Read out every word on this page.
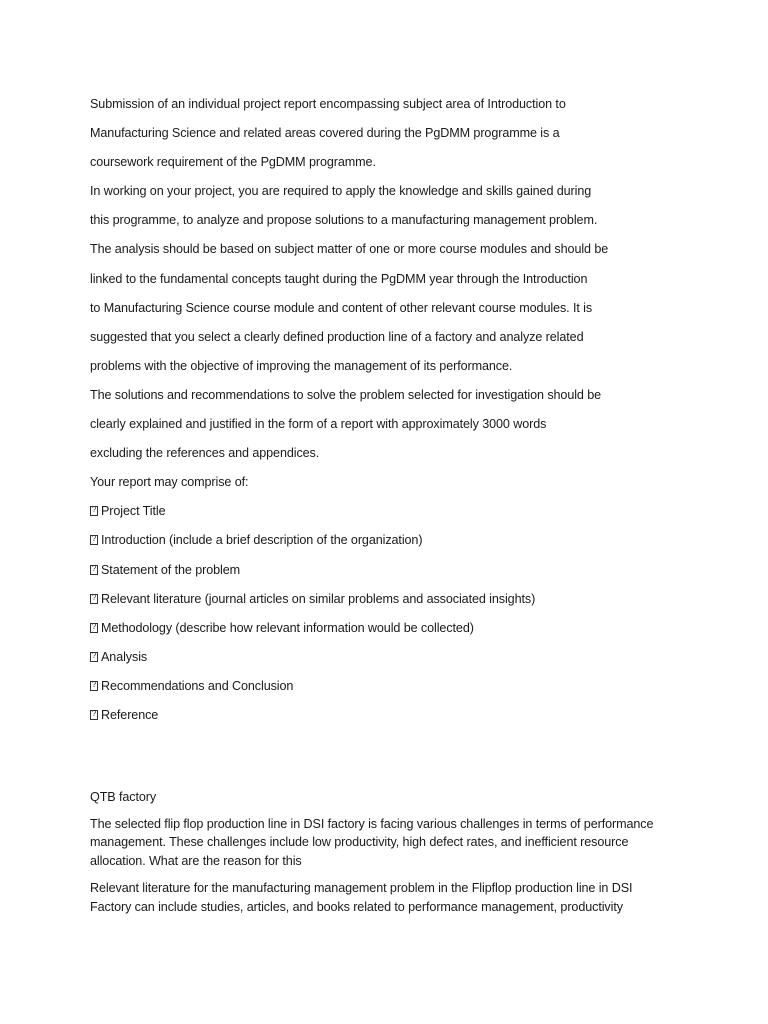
Submission of an individual project report encompassing subject area of Introduction to

Manufacturing Science and related areas covered during the PgDMM programme is a

coursework requirement of the PgDMM programme.

In working on your project, you are required to apply the knowledge and skills gained during

this programme, to analyze and propose solutions to a manufacturing management problem.

The analysis should be based on subject matter of one or more course modules and should be

linked to the fundamental concepts taught during the PgDMM year through the Introduction

to Manufacturing Science course module and content of other relevant course modules. It is

suggested that you select a clearly defined production line of a factory and analyze related

problems with the objective of improving the management of its performance.

The solutions and recommendations to solve the problem selected for investigation should be

clearly explained and justified in the form of a report with approximately 3000 words

excluding the references and appendices.

Your report may comprise of:

?Project Title

?Introduction (include a brief description of the organization)

?Statement of the problem

?Relevant literature (journal articles on similar problems and associated insights)

?Methodology (describe how relevant information would be collected)

?Analysis

?Recommendations and Conclusion

?Reference

QTB factory

The selected flip flop production line in DSI factory is facing various challenges in terms of performance

management. These challenges include low productivity, high defect rates, and inefficient resource

allocation. What are the reason for this

Relevant literature for the manufacturing management problem in the Flipflop production line in DSI

Factory can include studies, articles, and books related to performance management, productivity
